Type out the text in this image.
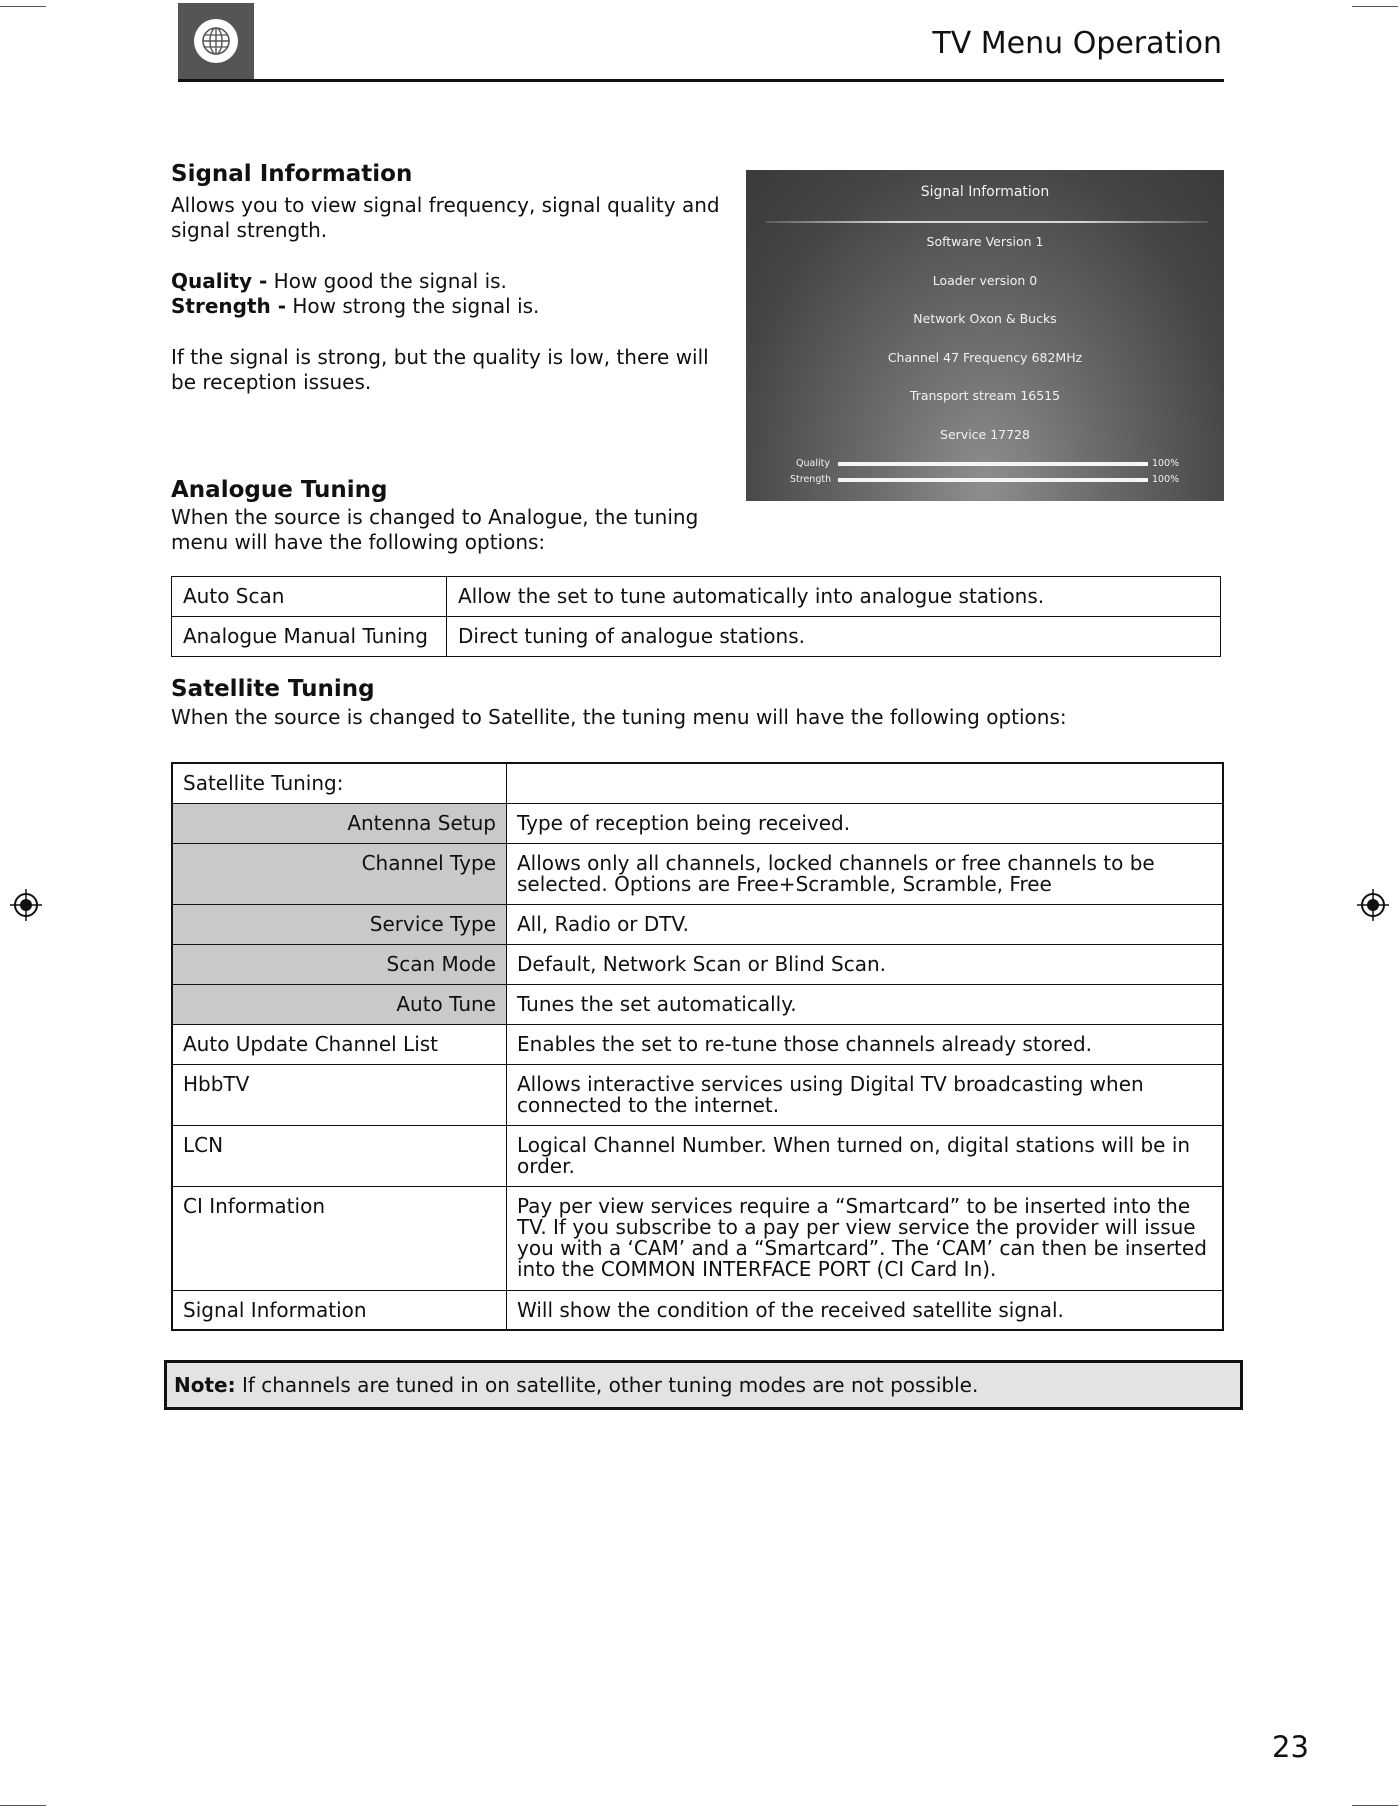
TV Menu Operation
Signal Information

Allows you to view signal frequency, signal quality and signal strength.

Quality - How good the signal is.

Strength - How strong the signal is.

If the signal is strong, but the quality is low, there will be reception issues.

Signal Information
Software Version 1
Loader version 0
Network Oxon & Bucks
Channel 47 Frequency 682MHz
Transport stream 16515
Service 17728
Quality	100%
Strength	100%
Analogue Tuning

When the source is changed to Analogue, the tuning menu will have the following options:

Auto Scan	Allow the set to tune automatically into analogue stations.
Analogue Manual Tuning	Direct tuning of analogue stations.
Satellite Tuning

When the source is changed to Satellite, the tuning menu will have the following options:

Satellite Tuning:	
Antenna Setup	Type of reception being received.
Channel Type	Allows only all channels, locked channels or free channels to be selected. Options are Free+Scramble, Scramble, Free
Service Type	All, Radio or DTV.
Scan Mode	Default, Network Scan or Blind Scan.
Auto Tune	Tunes the set automatically.
Auto Update Channel List	Enables the set to re-tune those channels already stored.
HbbTV	Allows interactive services using Digital TV broadcasting when connected to the internet.
LCN	Logical Channel Number. When turned on, digital stations will be in order.
CI Information	Pay per view services require a “Smartcard” to be inserted into the TV. If you subscribe to a pay per view service the provider will issue you with a ‘CAM’ and a “Smartcard”. The ‘CAM’ can then be inserted into the COMMON INTERFACE PORT (CI Card In).
Signal Information	Will show the condition of the received satellite signal.
Note: If channels are tuned in on satellite, other tuning modes are not possible.
23
